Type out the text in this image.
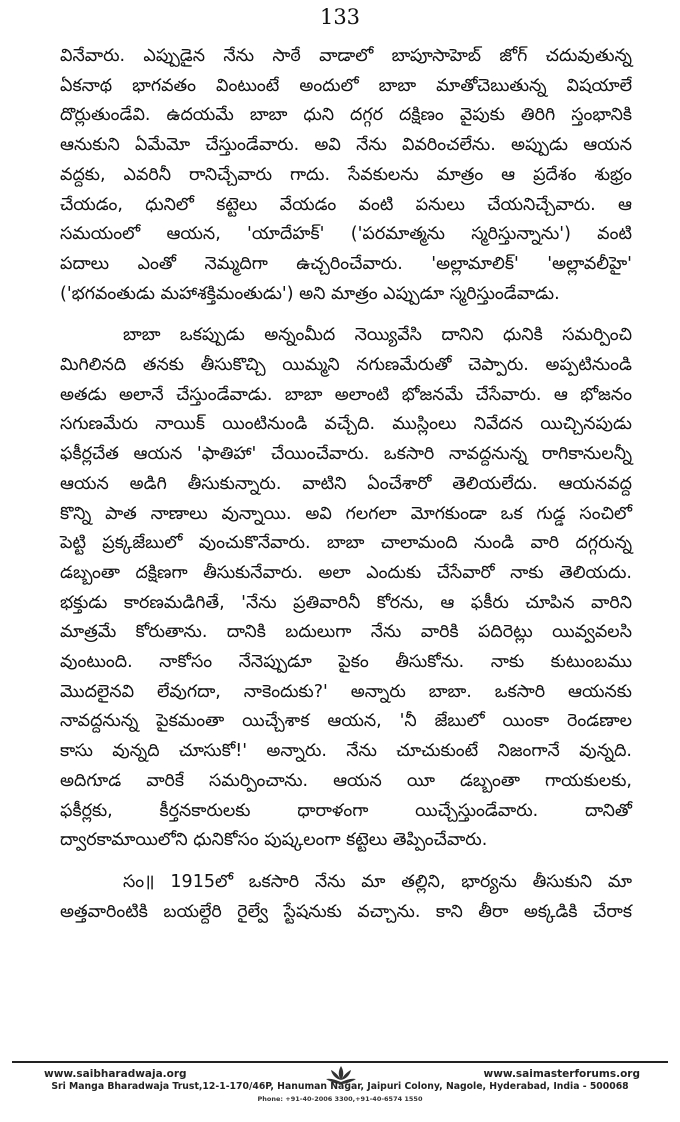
133
వినేవారు. ఎప్పుడైన నేను సాఠే వాడాలో బాపూసాహెబ్ జోగ్ చదువుతున్న
ఏకనాథ భాగవతం వింటుంటే అందులో బాబా మాతోచెబుతున్న విషయాలే
దొర్లుతుండేవి. ఉదయమే బాబా ధుని దగ్గర దక్షిణం వైపుకు తిరిగి స్తంభానికి
ఆనుకుని ఏమేమో చేస్తుండేవారు. అవి నేను వివరించలేను. అప్పుడు ఆయన
వద్దకు, ఎవరినీ రానిచ్చేవారు గాదు. సేవకులను మాత్రం ఆ ప్రదేశం శుభ్రం
చేయడం, ధునిలో కట్టెలు వేయడం వంటి పనులు చేయనిచ్చేవారు. ఆ
సమయంలో ఆయన, 'యాదేహక్' ('పరమాత్మను స్మరిస్తున్నాను') వంటి
పదాలు ఎంతో నెమ్మదిగా ఉచ్చరించేవారు. 'అల్లామాలిక్' 'అల్లావలీహై'
('భగవంతుడు మహాశక్తిమంతుడు') అని మాత్రం ఎప్పుడూ స్మరిస్తుండేవాడు.
బాబా ఒకప్పుడు అన్నంమీద నెయ్యివేసి దానిని ధునికి సమర్పించి
మిగిలినది తనకు తీసుకొచ్చి యిమ్మని నగుణమేరుతో చెప్పారు. అప్పటినుండి
అతడు అలానే చేస్తుండేవాడు. బాబా అలాంటి భోజనమే చేసేవారు. ఆ భోజనం
సగుణమేరు నాయిక్ యింటినుండి వచ్చేది. ముస్లింలు నివేదన యిచ్చినపుడు
ఫకీర్లచేత ఆయన 'ఫాతిహా' చేయించేవారు. ఒకసారి నావద్దనున్న రాగికానులన్నీ
ఆయన అడిగి తీసుకున్నారు. వాటిని ఏంచేశారో తెలియలేదు. ఆయనవద్ద
కొన్ని పాత నాణాలు వున్నాయి. అవి గలగలా మోగకుండా ఒక గుడ్డ సంచిలో
పెట్టి ప్రక్కజేబులో వుంచుకొనేవారు. బాబా చాలామంది నుండి వారి దగ్గరున్న
డబ్బంతా దక్షిణగా తీసుకునేవారు. అలా ఎందుకు చేసేవారో నాకు తెలియదు.
భక్తుడు కారణమడిగితే, 'నేను ప్రతివారినీ కోరను, ఆ ఫకీరు చూపిన వారిని
మాత్రమే కోరుతాను. దానికి బదులుగా నేను వారికి పదిరెట్లు యివ్వవలసి
వుంటుంది. నాకోసం నేనెప్పుడూ పైకం తీసుకోను. నాకు కుటుంబము
మొదలైనవి లేవుగదా, నాకెందుకు?' అన్నారు బాబా. ఒకసారి ఆయనకు
నావద్దనున్న పైకమంతా యిచ్చేశాక ఆయన, 'నీ జేబులో యింకా రెండణాల
కాసు వున్నది చూసుకో!' అన్నారు. నేను చూచుకుంటే నిజంగానే వున్నది.
అదిగూడ వారికే సమర్పించాను. ఆయన యీ డబ్బంతా గాయకులకు,
ఫకీర్లకు, కీర్తనకారులకు ధారాళంగా యిచ్చేస్తుండేవారు. దానితో
ద్వారకామాయిలోని ధునికోసం పుష్కలంగా కట్టెలు తెప్పించేవారు.
సం॥ 1915లో ఒకసారి నేను మా తల్లిని, భార్యను తీసుకుని మా
అత్తవారింటికి బయల్దేరి రైల్వే స్టేషనుకు వచ్చాను. కాని తీరా అక్కడికి చేరాక
www.saibharadwaja.org	www.saimasterforums.org
Sri Manga Bharadwaja Trust,12-1-170/46P, Hanuman Nagar, Jaipuri Colony, Nagole, Hyderabad, India - 500068
Phone: +91-40-2006 3300,+91-40-6574 1550
